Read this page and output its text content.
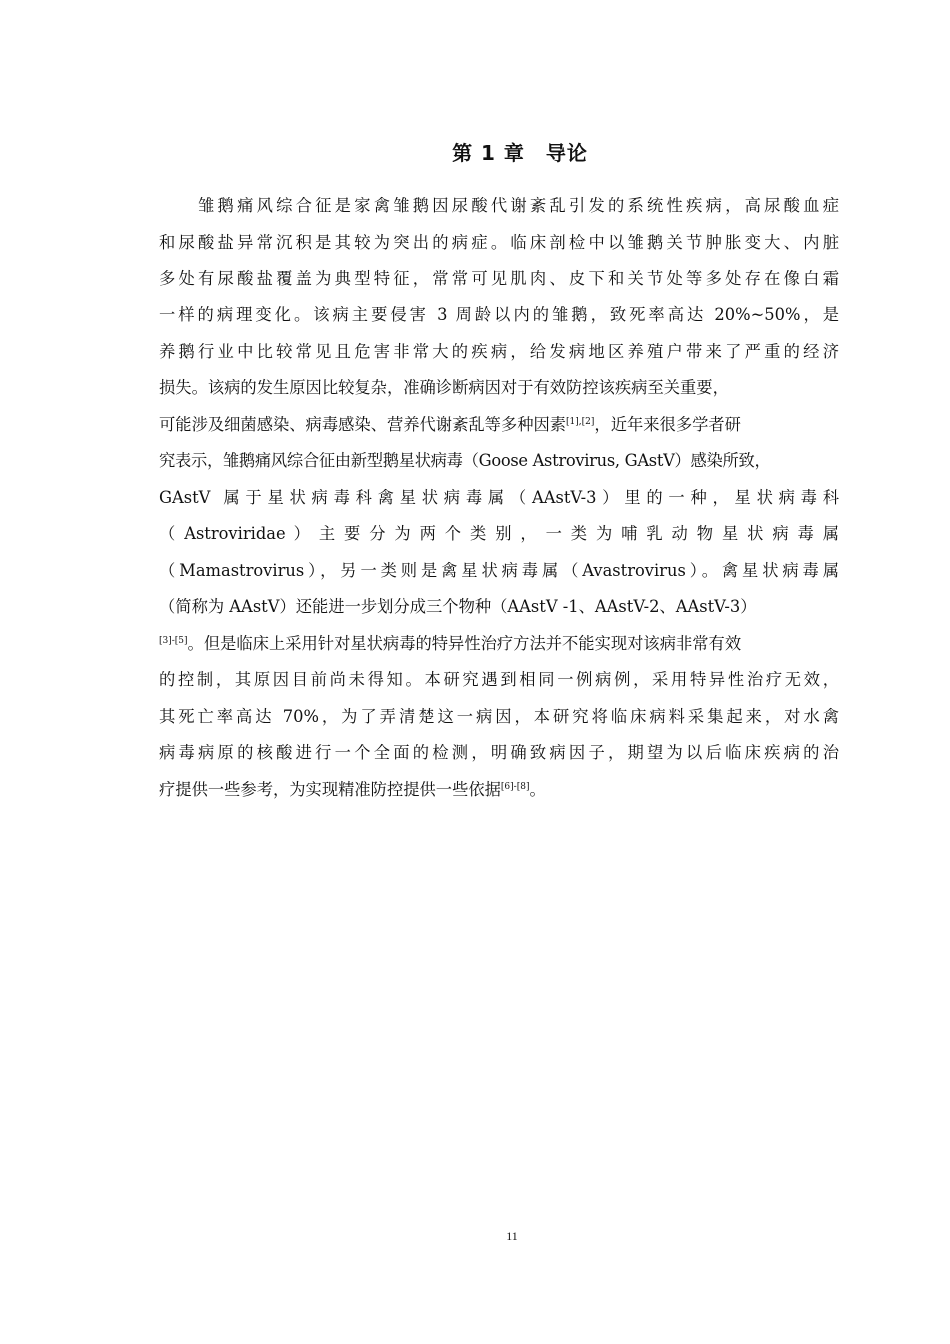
第 1 章　导论
　　雏鹅痛风综合征是家禽雏鹅因尿酸代谢紊乱引发的系统性疾病，高尿酸血症
和尿酸盐异常沉积是其较为突出的病症。临床剖检中以雏鹅关节肿胀变大、内脏
多处有尿酸盐覆盖为典型特征，常常可见肌肉、皮下和关节处等多处存在像白霜
一样的病理变化。该病主要侵害 3 周龄以内的雏鹅，致死率高达 20%~50%，是
养鹅行业中比较常见且危害非常大的疾病，给发病地区养殖户带来了严重的经济
损失。该病的发生原因比较复杂，准确诊断病因对于有效防控该疾病至关重要，
可能涉及细菌感染、病毒感染、营养代谢紊乱等多种因素[1],[2]，近年来很多学者研
究表示，雏鹅痛风综合征由新型鹅星状病毒（Goose Astrovirus, GAstV）感染所致，
GAstV 属于星状病毒科禽星状病毒属（AAstV-3）里的一种，星状病毒科
（ Astroviridae ） 主 要 分 为 两 个 类 别 ， 一 类 为 哺 乳 动 物 星 状 病 毒 属
（Mamastrovirus），另一类则是禽星状病毒属（Avastrovirus）。禽星状病毒属
（简称为 AAstV）还能进一步划分成三个物种（AAstV -1、AAstV-2、AAstV-3）
[3]-[5]。但是临床上采用针对星状病毒的特异性治疗方法并不能实现对该病非常有效
的控制，其原因目前尚未得知。本研究遇到相同一例病例，采用特异性治疗无效，
其死亡率高达 70%，为了弄清楚这一病因，本研究将临床病料采集起来，对水禽
病毒病原的核酸进行一个全面的检测，明确致病因子，期望为以后临床疾病的治
疗提供一些参考，为实现精准防控提供一些依据[6]-[8]。
11
